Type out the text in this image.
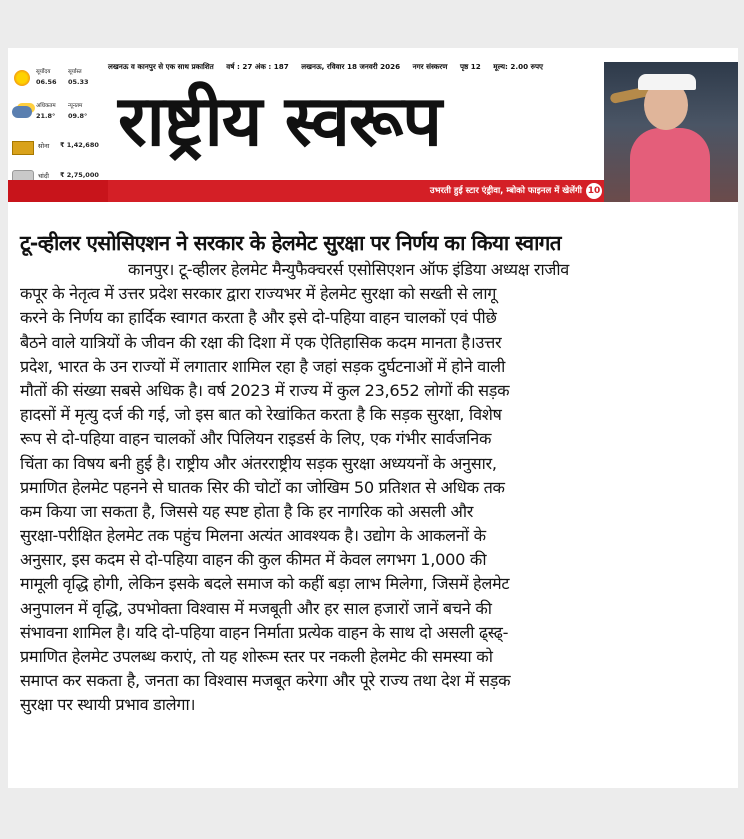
सूर्योदय	सूर्यास्त
06.56 05.33
अधिकतम न्यूनतम
21.8° 09.8°
सोना ₹ 1,42,680
चांदी ₹ 2,75,000
लखनऊ व कानपुर से एक साथ प्रकाशित वर्ष : 27 अंक : 187 लखनऊ, रविवार 18 जनवरी 2026 नगर संस्करण पृष्ठ 12 मूल्य: 2.00 रुपए
राष्ट्रीय स्वरूप
उभरती हुई स्टार एंड्रीवा, म्बोको फाइनल में खेलेंगी 10
टू-व्हीलर एसोसिएशन ने सरकार के हेलमेट सुरक्षा पर निर्णय का किया स्वागत
कानपुर। टू-व्हीलर हेलमेट मैन्युफैक्चरर्स एसोसिएशन ऑफ इंडिया अध्यक्ष राजीव
कपूर के नेतृत्व में उत्तर प्रदेश सरकार द्वारा राज्यभर में हेलमेट सुरक्षा को सख्ती से लागू
करने के निर्णय का हार्दिक स्वागत करता है और इसे दो-पहिया वाहन चालकों एवं पीछे
बैठने वाले यात्रियों के जीवन की रक्षा की दिशा में एक ऐतिहासिक कदम मानता है।उत्तर
प्रदेश, भारत के उन राज्यों में लगातार शामिल रहा है जहां सड़क दुर्घटनाओं में होने वाली
मौतों की संख्या सबसे अधिक है। वर्ष 2023 में राज्य में कुल 23,652 लोगों की सड़क
हादसों में मृत्यु दर्ज की गई, जो इस बात को रेखांकित करता है कि सड़क सुरक्षा, विशेष
रूप से दो-पहिया वाहन चालकों और पिलियन राइडर्स के लिए, एक गंभीर सार्वजनिक
चिंता का विषय बनी हुई है। राष्ट्रीय और अंतरराष्ट्रीय सड़क सुरक्षा अध्ययनों के अनुसार,
प्रमाणित हेलमेट पहनने से घातक सिर की चोटों का जोखिम 50 प्रतिशत से अधिक तक
कम किया जा सकता है, जिससे यह स्पष्ट होता है कि हर नागरिक को असली और
सुरक्षा-परीक्षित हेलमेट तक पहुंच मिलना अत्यंत आवश्यक है। उद्योग के आकलनों के
अनुसार, इस कदम से दो-पहिया वाहन की कुल कीमत में केवल लगभग 1,000 की
मामूली वृद्धि होगी, लेकिन इसके बदले समाज को कहीं बड़ा लाभ मिलेगा, जिसमें हेलमेट
अनुपालन में वृद्धि, उपभोक्ता विश्वास में मजबूती और हर साल हजारों जानें बचने की
संभावना शामिल है। यदि दो-पहिया वाहन निर्माता प्रत्येक वाहन के साथ दो असली ढ्स्ढ्-
प्रमाणित हेलमेट उपलब्ध कराएं, तो यह शोरूम स्तर पर नकली हेलमेट की समस्या को
समाप्त कर सकता है, जनता का विश्वास मजबूत करेगा और पूरे राज्य तथा देश में सड़क
सुरक्षा पर स्थायी प्रभाव डालेगा।
